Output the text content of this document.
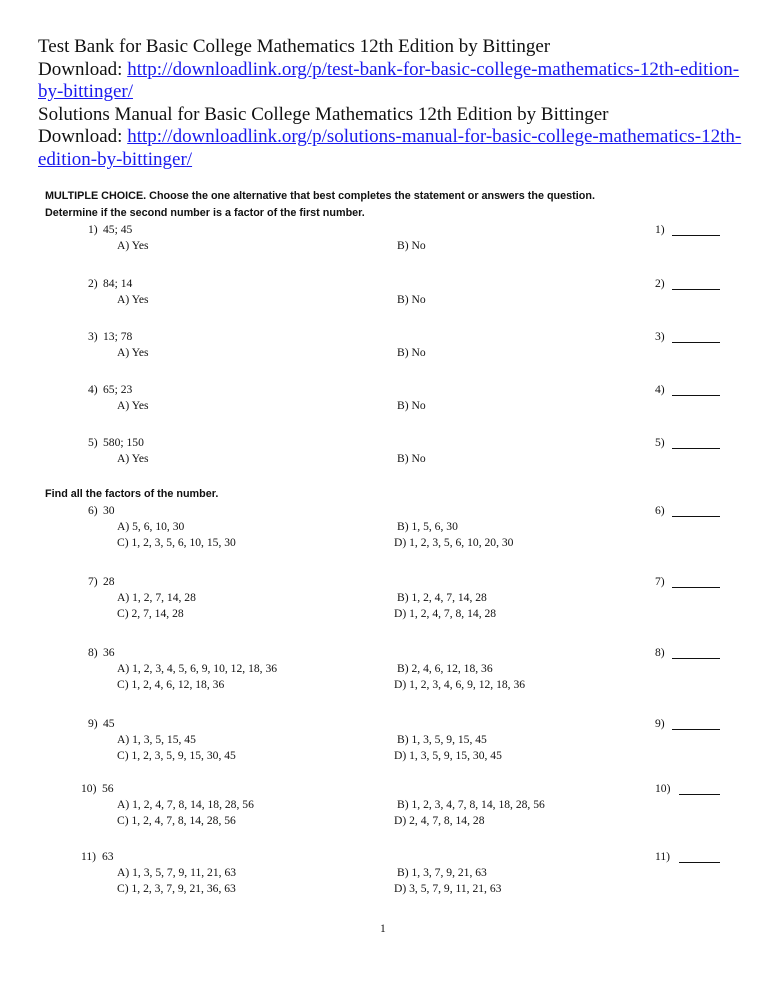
Test Bank for Basic College Mathematics 12th Edition by Bittinger
Download: http://downloadlink.org/p/test-bank-for-basic-college-mathematics-12th-edition-by-bittinger/
Solutions Manual for Basic College Mathematics 12th Edition by Bittinger
Download: http://downloadlink.org/p/solutions-manual-for-basic-college-mathematics-12th-edition-by-bittinger/
MULTIPLE CHOICE. Choose the one alternative that best completes the statement or answers the question.
Determine if the second number is a factor of the first number.
Find all the factors of the number.
1) 45; 45	1)
A) Yes	B) No
2) 84; 14	2)
A) Yes	B) No
3) 13; 78	3)
A) Yes	B) No
4) 65; 23	4)
A) Yes	B) No
5) 580; 150	5)
A) Yes	B) No
6) 30	6)
A) 5, 6, 10, 30	B) 1, 5, 6, 30
C) 1, 2, 3, 5, 6, 10, 15, 30	D) 1, 2, 3, 5, 6, 10, 20, 30
7) 28	7)
A) 1, 2, 7, 14, 28	B) 1, 2, 4, 7, 14, 28
C) 2, 7, 14, 28	D) 1, 2, 4, 7, 8, 14, 28
8) 36	8)
A) 1, 2, 3, 4, 5, 6, 9, 10, 12, 18, 36	B) 2, 4, 6, 12, 18, 36
C) 1, 2, 4, 6, 12, 18, 36	D) 1, 2, 3, 4, 6, 9, 12, 18, 36
9) 45	9)
A) 1, 3, 5, 15, 45	B) 1, 3, 5, 9, 15, 45
C) 1, 2, 3, 5, 9, 15, 30, 45	D) 1, 3, 5, 9, 15, 30, 45
10) 56	10)
A) 1, 2, 4, 7, 8, 14, 18, 28, 56	B) 1, 2, 3, 4, 7, 8, 14, 18, 28, 56
C) 1, 2, 4, 7, 8, 14, 28, 56	D) 2, 4, 7, 8, 14, 28
11) 63	11)
A) 1, 3, 5, 7, 9, 11, 21, 63	B) 1, 3, 7, 9, 21, 63
C) 1, 2, 3, 7, 9, 21, 36, 63	D) 3, 5, 7, 9, 11, 21, 63
1
